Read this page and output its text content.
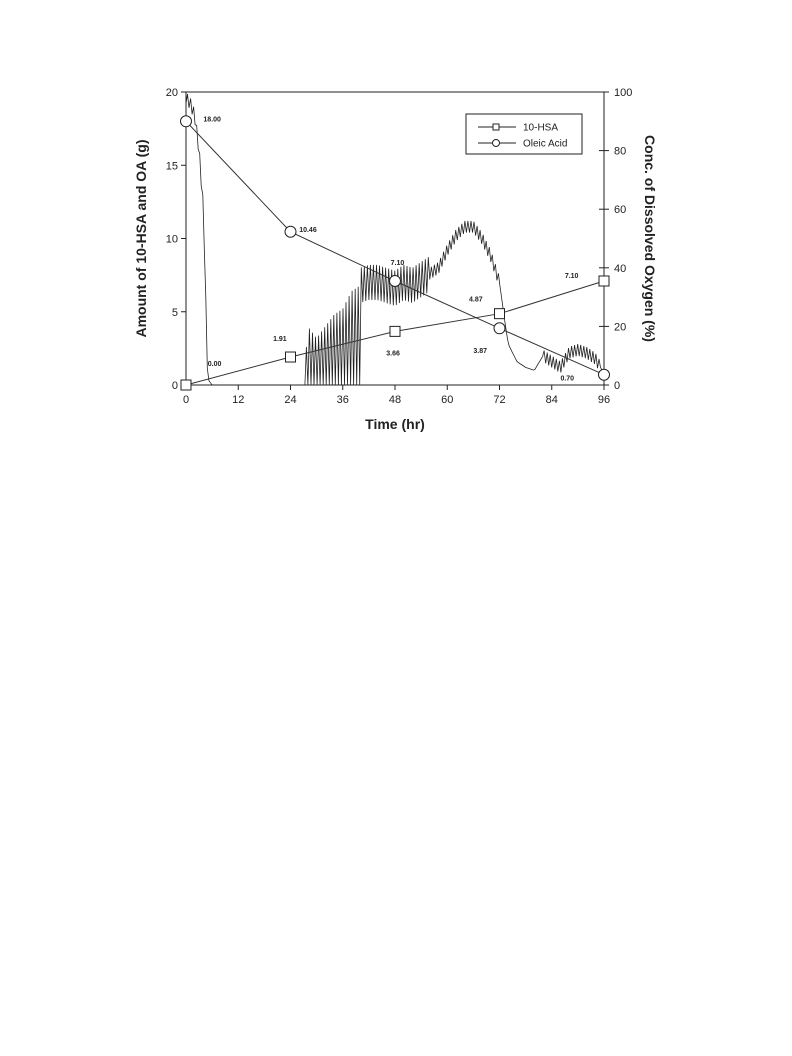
0	12	24	36	48	60	72	84	96
0
5
10
15
20
0
20
40
60
80
100
Time (hr)
Amount of 10-HSA and OA (g)	Conc. of Dissolved Oxygen (%)
18.00
0.00
10.46
1.91
7.10
3.66
4.87
3.87
7.10
0.70
10-HSA
Oleic Acid
